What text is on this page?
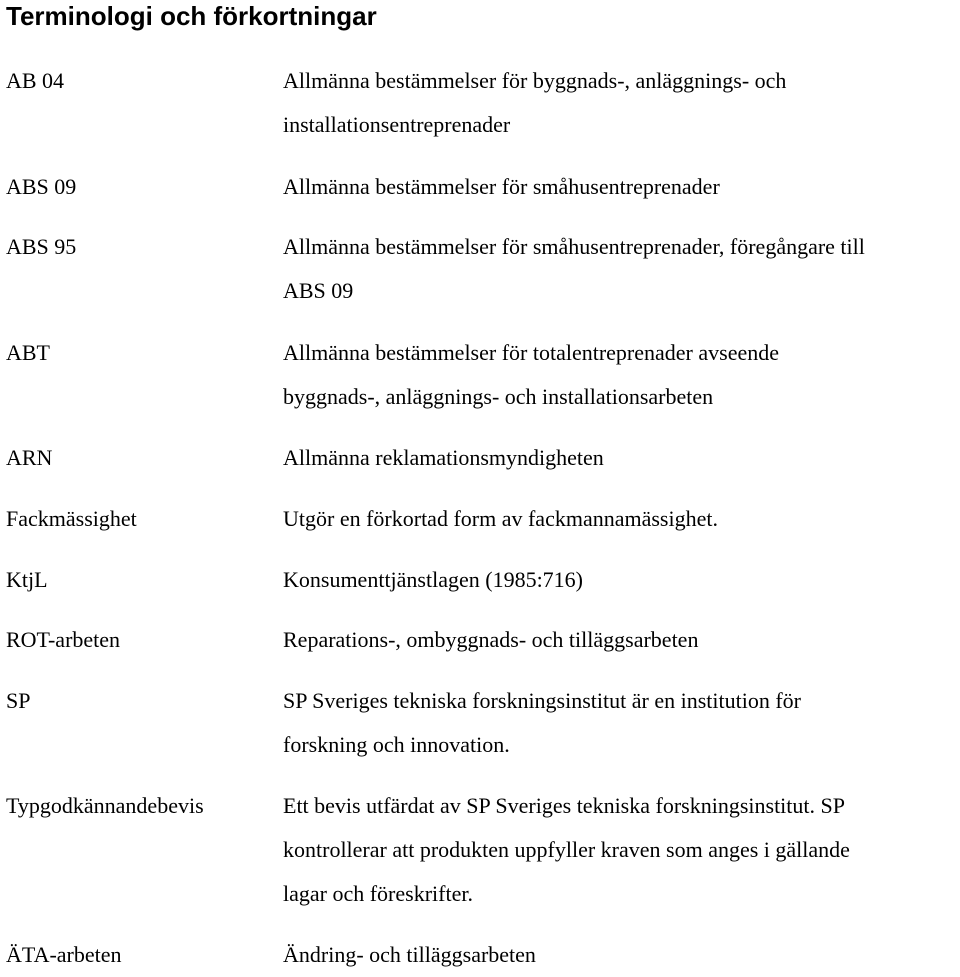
Terminologi och förkortningar
AB 04	Allmänna bestämmelser för byggnads-, anläggnings- och
installationsentreprenader
ABS 09	Allmänna bestämmelser för småhusentreprenader
ABS 95	Allmänna bestämmelser för småhusentreprenader, föregångare till
ABS 09
ABT	Allmänna bestämmelser för totalentreprenader avseende
byggnads-, anläggnings- och installationsarbeten
ARN	Allmänna reklamationsmyndigheten
Fackmässighet	Utgör en förkortad form av fackmannamässighet.
KtjL	Konsumenttjänstlagen (1985:716)
ROT-arbeten	Reparations-, ombyggnads- och tilläggsarbeten
SP	SP Sveriges tekniska forskningsinstitut är en institution för
forskning och innovation.
Typgodkännandebevis	Ett bevis utfärdat av SP Sveriges tekniska forskningsinstitut. SP
kontrollerar att produkten uppfyller kraven som anges i gällande
lagar och föreskrifter.
ÄTA-arbeten	Ändring- och tilläggsarbeten
